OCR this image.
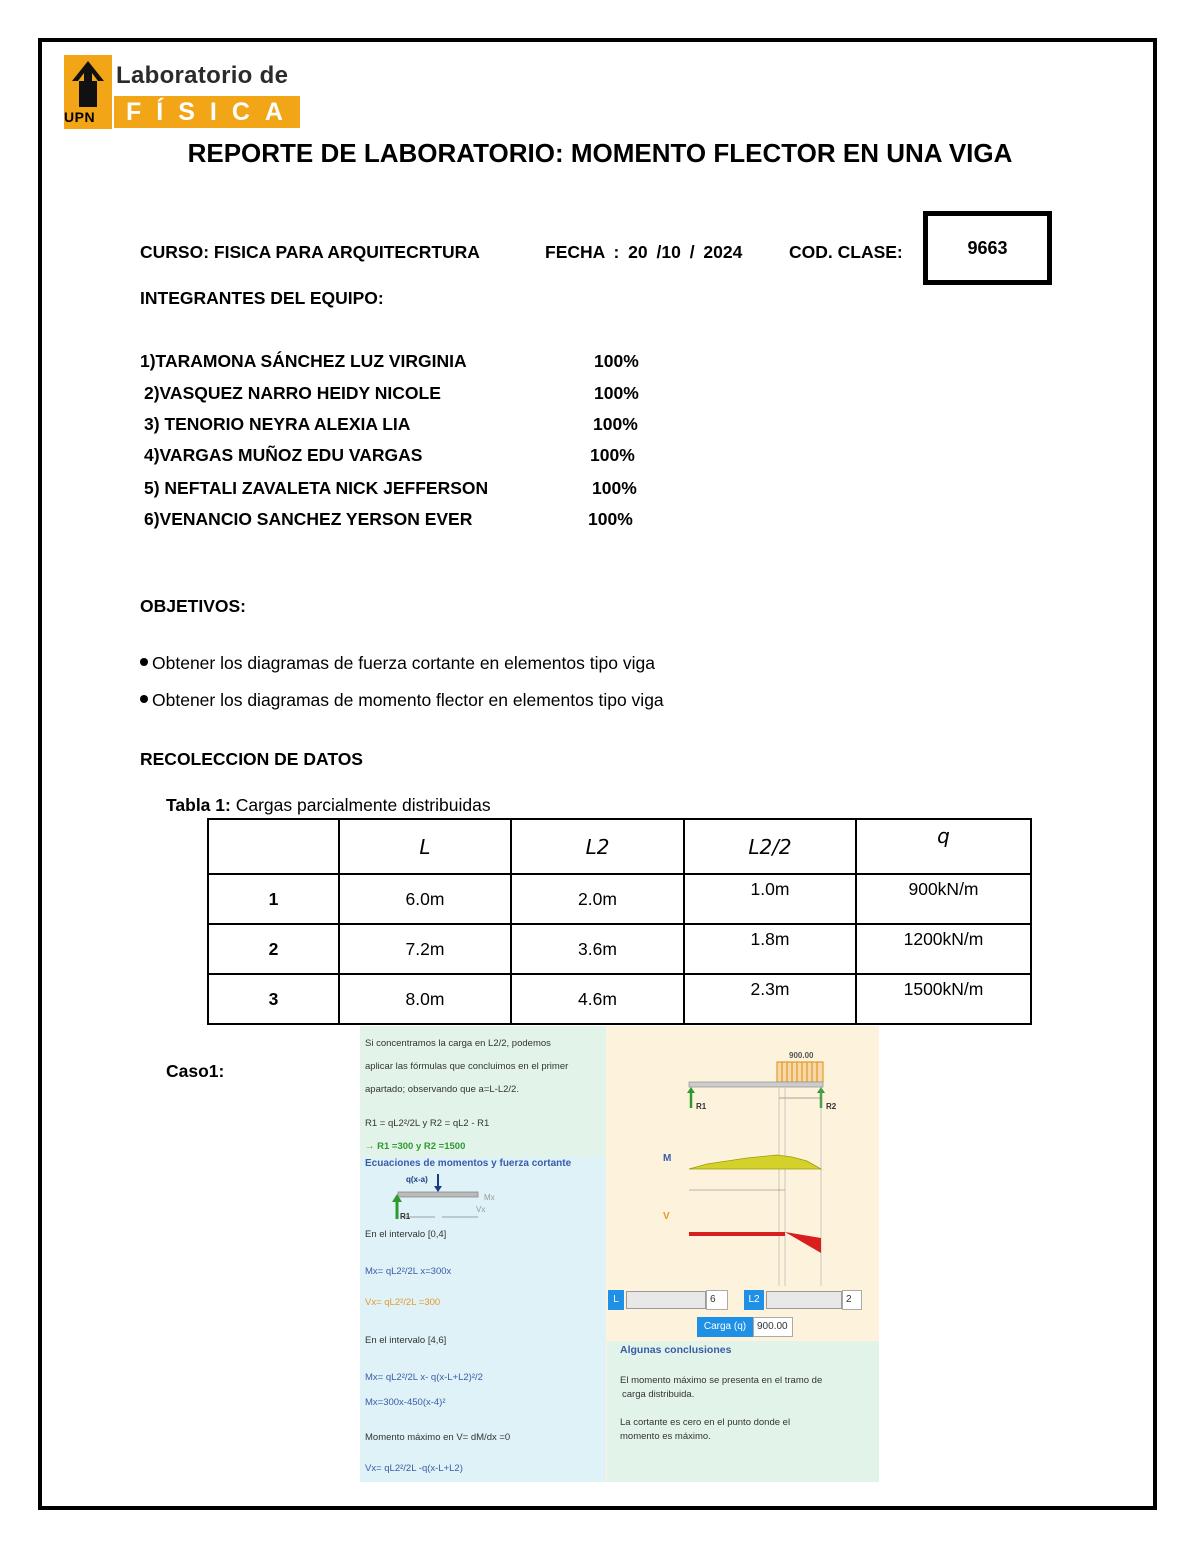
UPN
Laboratorio de
FÍSICA
REPORTE DE LABORATORIO: MOMENTO FLECTOR EN UNA VIGA
CURSO: FISICA PARA ARQUITECRTURA	FECHA : 20 /10 / 2024	COD. CLASE:	9663
INTEGRANTES DEL EQUIPO:
1)TARAMONA SÁNCHEZ LUZ VIRGINIA	100%
2)VASQUEZ NARRO HEIDY NICOLE	100%
3) TENORIO NEYRA ALEXIA LIA	100%
4)VARGAS MUÑOZ EDU VARGAS	100%
5) NEFTALI ZAVALETA NICK JEFFERSON	100%
6)VENANCIO SANCHEZ YERSON EVER	100%
OBJETIVOS:
Obtener los diagramas de fuerza cortante en elementos tipo viga
Obtener los diagramas de momento flector en elementos tipo viga
RECOLECCION DE DATOS
Tabla 1: Cargas parcialmente distribuidas
	L	L2	L2/2	q
1	6.0m	2.0m	1.0m	900kN/m
2	7.2m	3.6m	1.8m	1200kN/m
3	8.0m	4.6m	2.3m	1500kN/m
Caso1:
Si concentramos la carga en L2/2, podemos
aplicar las fórmulas que concluimos en el primer
apartado; observando que a=L-L2/2.
R1 = qL2²/2L y R2 = qL2 - R1
→ R1 =300 y R2 =1500
Ecuaciones de momentos y fuerza cortante
q(x-a)
Mx
Vx
R1
En el intervalo [0,4]
Mx= qL2²/2L x=300x
Vx= qL2²/2L =300
En el intervalo [4,6]
Mx= qL2²/2L x- q(x-L+L2)²/2
Mx=300x-450(x-4)²
Momento máximo en V= dM/dx =0
Vx= qL2²/2L -q(x-L+L2)
900.00
R1	R2
M
V
L	6	L2	2
Carga (q)	900.00
Algunas conclusiones
El momento máximo se presenta en el tramo de
carga distribuida.
La cortante es cero en el punto donde el
momento es máximo.
